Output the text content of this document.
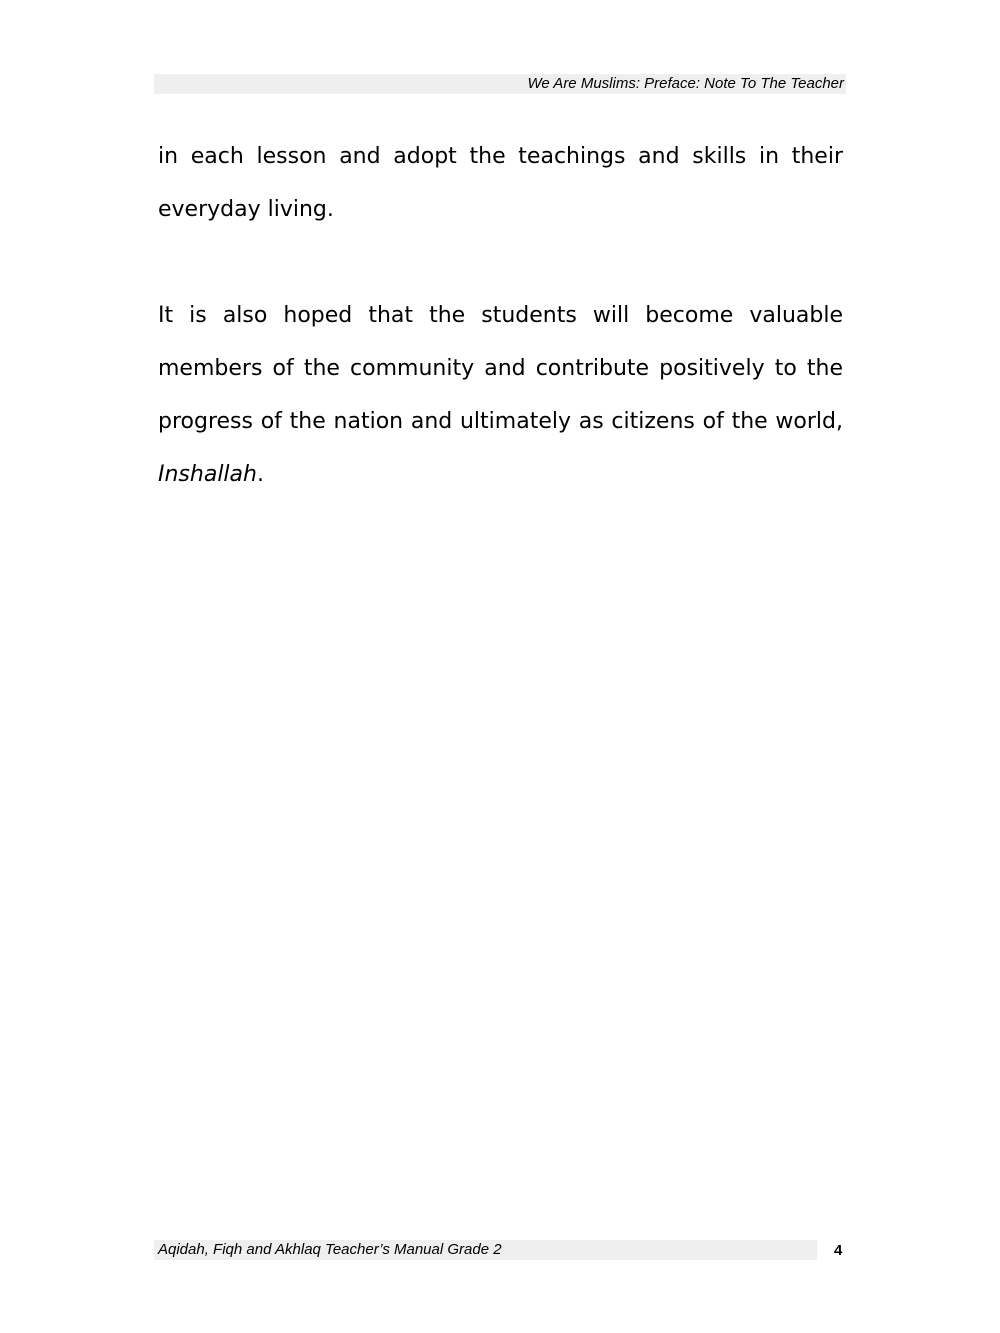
We Are Muslims: Preface: Note To The Teacher

in each lesson and adopt the teachings and skills in their everyday living.

It is also hoped that the students will become valuable members of the community and contribute positively to the progress of the nation and ultimately as citizens of the world, Inshallah.

Aqidah, Fiqh and Akhlaq Teacher’s Manual Grade 2	4
